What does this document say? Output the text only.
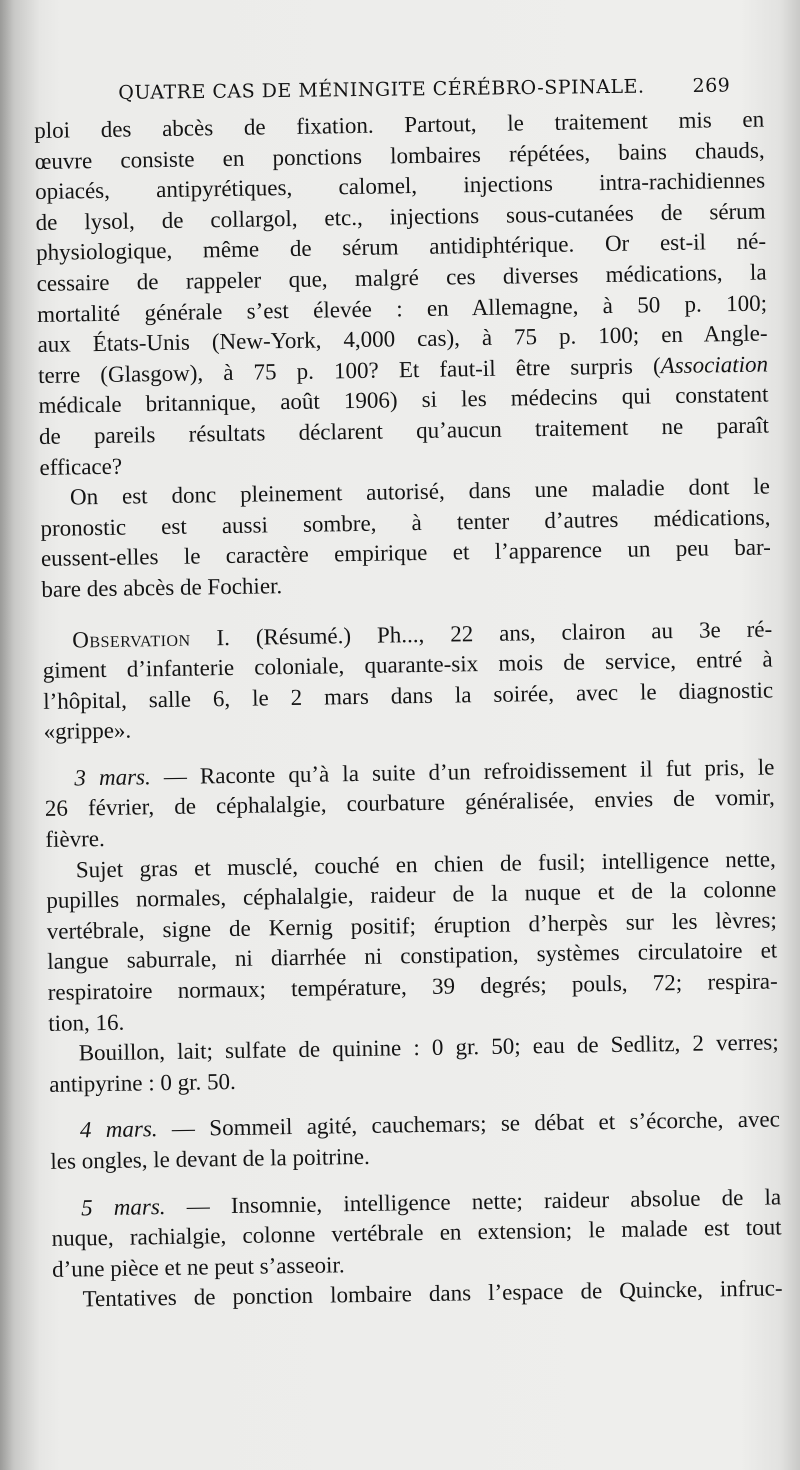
QUATRE CAS DE MÉNINGITE CÉRÉBRO-SPINALE.	269
ploi des abcès de fixation. Partout, le traitement mis en
œuvre consiste en ponctions lombaires répétées, bains chauds,
opiacés, antipyrétiques, calomel, injections intra-rachidiennes
de lysol, de collargol, etc., injections sous-cutanées de sérum
physiologique, même de sérum antidiphtérique. Or est-il né-
cessaire de rappeler que, malgré ces diverses médications, la
mortalité générale s’est élevée : en Allemagne, à 50 p. 100;
aux États-Unis (New-York, 4,000 cas), à 75 p. 100; en Angle-
terre (Glasgow), à 75 p. 100? Et faut-il être surpris (Association
médicale britannique, août 1906) si les médecins qui constatent
de pareils résultats déclarent qu’aucun traitement ne paraît
efficace?
On est donc pleinement autorisé, dans une maladie dont le
pronostic est aussi sombre, à tenter d’autres médications,
eussent-elles le caractère empirique et l’apparence un peu bar-
bare des abcès de Fochier.
Observation I. (Résumé.) Ph..., 22 ans, clairon au 3e ré-
giment d’infanterie coloniale, quarante-six mois de service, entré à
l’hôpital, salle 6, le 2 mars dans la soirée, avec le diagnostic
«grippe».
3 mars. — Raconte qu’à la suite d’un refroidissement il fut pris, le
26 février, de céphalalgie, courbature généralisée, envies de vomir,
fièvre.
Sujet gras et musclé, couché en chien de fusil; intelligence nette,
pupilles normales, céphalalgie, raideur de la nuque et de la colonne
vertébrale, signe de Kernig positif; éruption d’herpès sur les lèvres;
langue saburrale, ni diarrhée ni constipation, systèmes circulatoire et
respiratoire normaux; température, 39 degrés; pouls, 72; respira-
tion, 16.
Bouillon, lait; sulfate de quinine : 0 gr. 50; eau de Sedlitz, 2 verres;
antipyrine : 0 gr. 50.
4 mars. — Sommeil agité, cauchemars; se débat et s’écorche, avec
les ongles, le devant de la poitrine.
5 mars. — Insomnie, intelligence nette; raideur absolue de la
nuque, rachialgie, colonne vertébrale en extension; le malade est tout
d’une pièce et ne peut s’asseoir.
Tentatives de ponction lombaire dans l’espace de Quincke, infruc-
